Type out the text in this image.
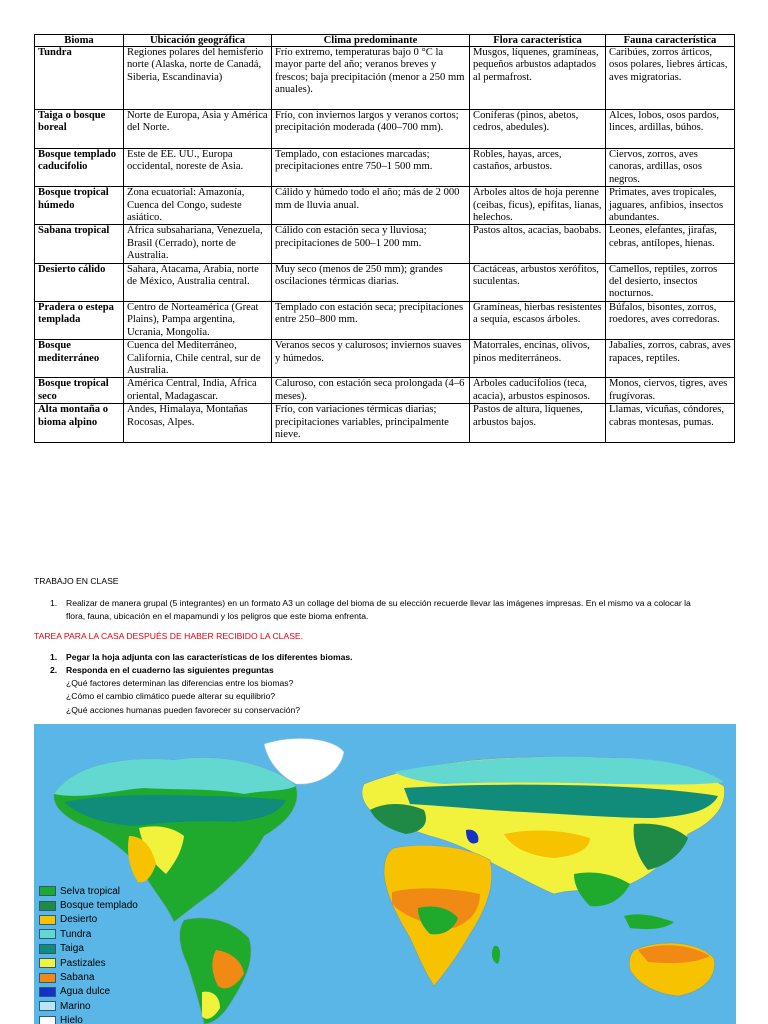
Bioma	Ubicación geográfica	Clima predominante	Flora característica	Fauna característica
Tundra	Regiones polares del hemisferio norte (Alaska, norte de Canadá, Siberia, Escandinavia)	Frío extremo, temperaturas bajo 0 °C la mayor parte del año; veranos breves y frescos; baja precipitación (menor a 250 mm anuales).	Musgos, líquenes, gramíneas, pequeños arbustos adaptados al permafrost.	Caribúes, zorros árticos, osos polares, liebres árticas, aves migratorias.
Taiga o bosque boreal	Norte de Europa, Asia y América del Norte.	Frío, con inviernos largos y veranos cortos; precipitación moderada (400–700 mm).	Coníferas (pinos, abetos, cedros, abedules).	Alces, lobos, osos pardos, linces, ardillas, búhos.
Bosque templado caducifolio	Este de EE. UU., Europa occidental, noreste de Asia.	Templado, con estaciones marcadas; precipitaciones entre 750–1 500 mm.	Robles, hayas, arces, castaños, arbustos.	Ciervos, zorros, aves canoras, ardillas, osos negros.
Bosque tropical húmedo	Zona ecuatorial: Amazonía, Cuenca del Congo, sudeste asiático.	Cálido y húmedo todo el año; más de 2 000 mm de lluvia anual.	Árboles altos de hoja perenne (ceibas, ficus), epífitas, lianas, helechos.	Primates, aves tropicales, jaguares, anfibios, insectos abundantes.
Sabana tropical	África subsahariana, Venezuela, Brasil (Cerrado), norte de Australia.	Cálido con estación seca y lluviosa; precipitaciones de 500–1 200 mm.	Pastos altos, acacias, baobabs.	Leones, elefantes, jirafas, cebras, antílopes, hienas.
Desierto cálido	Sahara, Atacama, Arabia, norte de México, Australia central.	Muy seco (menos de 250 mm); grandes oscilaciones térmicas diarias.	Cactáceas, arbustos xerófitos, suculentas.	Camellos, reptiles, zorros del desierto, insectos nocturnos.
Pradera o estepa templada	Centro de Norteamérica (Great Plains), Pampa argentina, Ucrania, Mongolia.	Templado con estación seca; precipitaciones entre 250–800 mm.	Gramíneas, hierbas resistentes a sequía, escasos árboles.	Búfalos, bisontes, zorros, roedores, aves corredoras.
Bosque mediterráneo	Cuenca del Mediterráneo, California, Chile central, sur de Australia.	Veranos secos y calurosos; inviernos suaves y húmedos.	Matorrales, encinas, olivos, pinos mediterráneos.	Jabalíes, zorros, cabras, aves rapaces, reptiles.
Bosque tropical seco	América Central, India, África oriental, Madagascar.	Caluroso, con estación seca prolongada (4–6 meses).	Árboles caducifolios (teca, acacia), arbustos espinosos.	Monos, ciervos, tigres, aves frugívoras.
Alta montaña o bioma alpino	Andes, Himalaya, Montañas Rocosas, Alpes.	Frío, con variaciones térmicas diarias; precipitaciones variables, principalmente nieve.	Pastos de altura, líquenes, arbustos bajos.	Llamas, vicuñas, cóndores, cabras montesas, pumas.
TRABAJO EN CLASE
1. Realizar de manera grupal (5 integrantes) en un formato A3 un collage del bioma de su elección recuerde llevar las imágenes impresas. En el mismo va a colocar la
flora, fauna, ubicación en el mapamundi y los peligros que este bioma enfrenta.
TAREA PARA LA CASA DESPUÉS DE HABER RECIBIDO LA CLASE.
1. Pegar la hoja adjunta con las características de los diferentes biomas.
2. Responda en el cuaderno las siguientes preguntas
¿Qué factores determinan las diferencias entre los biomas?
¿Cómo el cambio climático puede alterar su equilibrio?
¿Qué acciones humanas pueden favorecer su conservación?
Selva tropical
Bosque templado
Desierto
Tundra
Taiga
Pastizales
Sabana
Agua dulce
Marino
Hielo
